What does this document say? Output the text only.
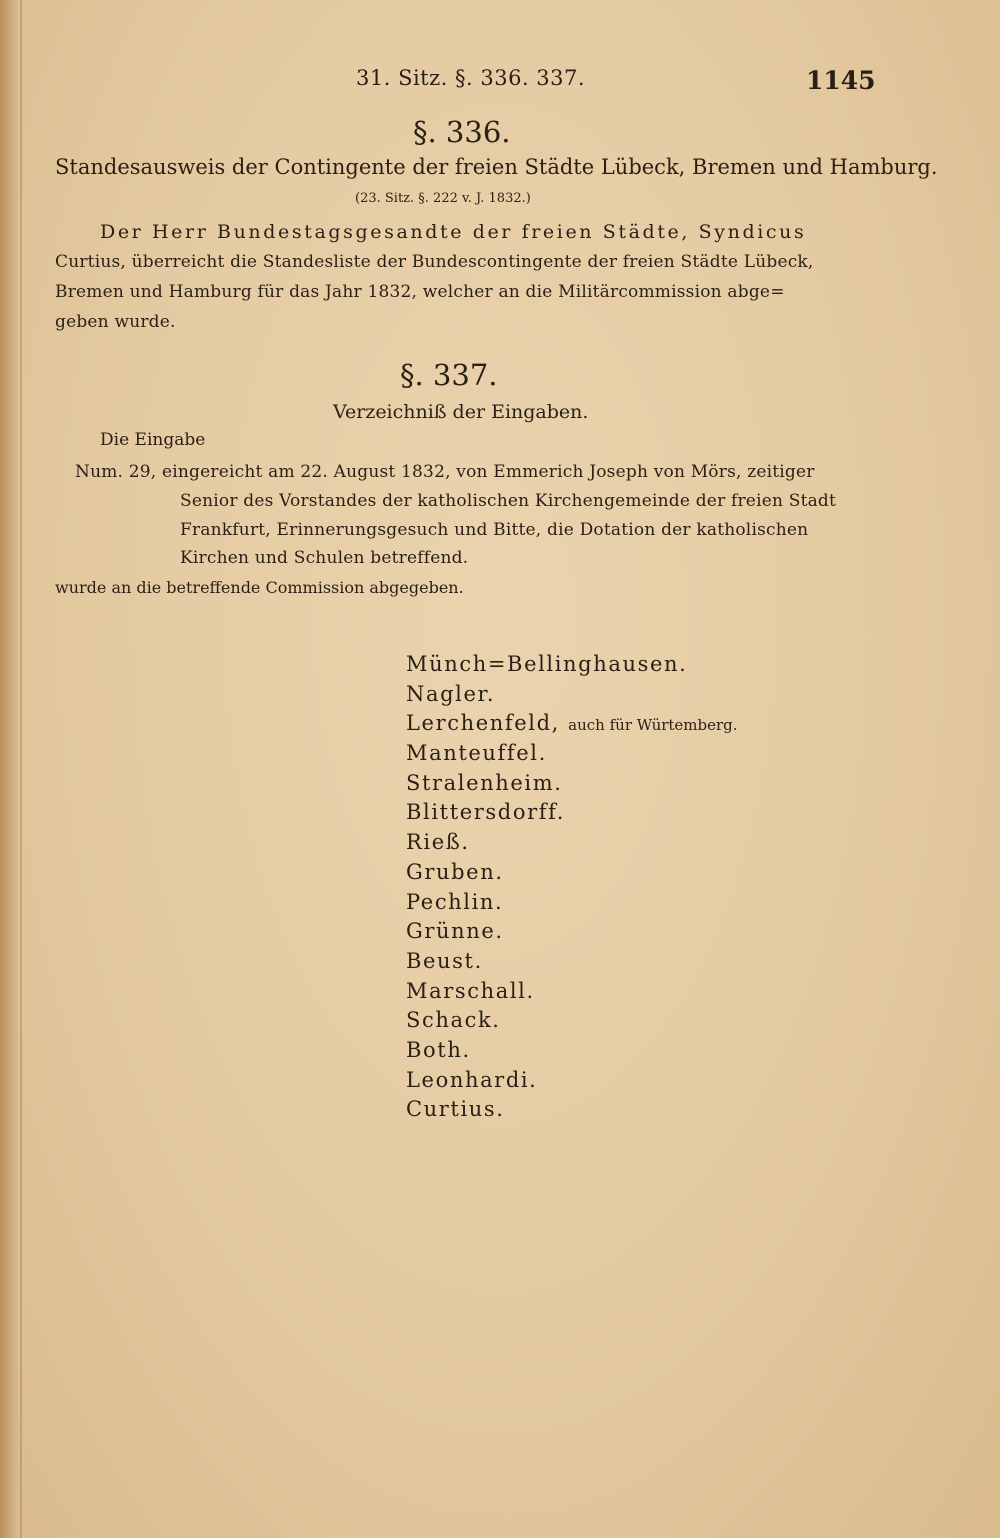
31. Sitz. §. 336. 337.	1145
§. 336.
Standesausweis der Contingente der freien Städte Lübeck, Bremen und Hamburg.
(23. Sitz. §. 222 v. J. 1832.)
Der Herr Bundestagsgesandte der freien Städte, Syndicus
Curtius, überreicht die Standesliste der Bundescontingente der freien Städte Lübeck,
Bremen und Hamburg für das Jahr 1832, welcher an die Militärcommission abge=
geben wurde.
§. 337.
Verzeichniß der Eingaben.
Die Eingabe
Num. 29, eingereicht am 22. August 1832, von Emmerich Joseph von Mörs, zeitiger
Senior des Vorstandes der katholischen Kirchengemeinde der freien Stadt
Frankfurt, Erinnerungsgesuch und Bitte, die Dotation der katholischen
Kirchen und Schulen betreffend.
wurde an die betreffende Commission abgegeben.
Münch=Bellinghausen.
Nagler.
Lerchenfeld, auch für Würtemberg.
Manteuffel.
Stralenheim.
Blittersdorff.
Rieß.
Gruben.
Pechlin.
Grünne.
Beust.
Marschall.
Schack.
Both.
Leonhardi.
Curtius.
